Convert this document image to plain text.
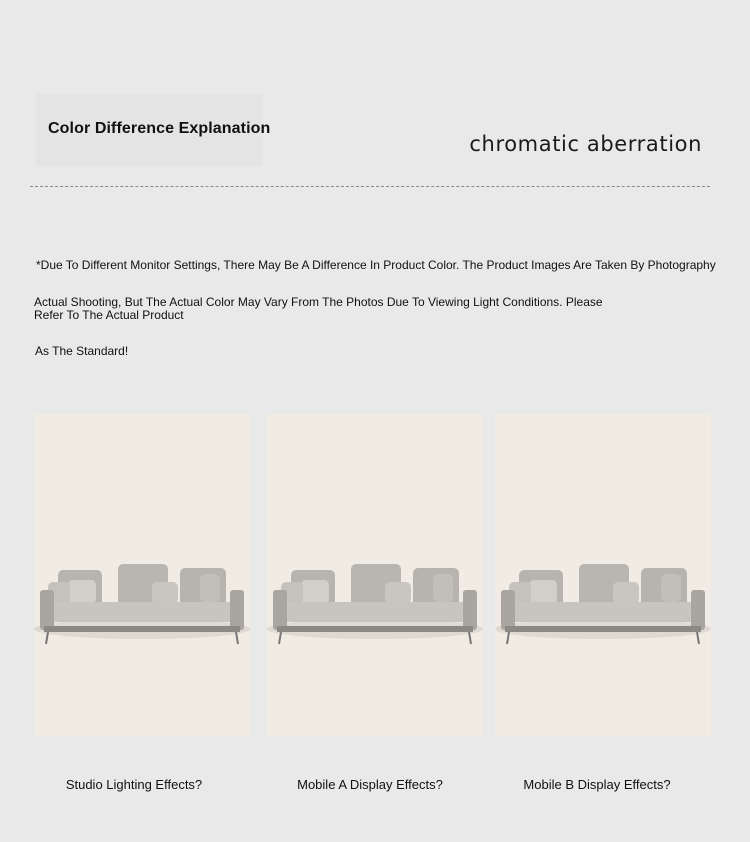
Color Difference Explanation
chromatic aberration
*Due To Different Monitor Settings, There May Be A Difference In Product Color. The Product Images Are Taken By Photography
Actual Shooting, But The Actual Color May Vary From The Photos Due To Viewing Light Conditions. Please Refer To The Actual Product
As The Standard!
Studio Lighting Effects?	Mobile A Display Effects?	Mobile B Display Effects?
